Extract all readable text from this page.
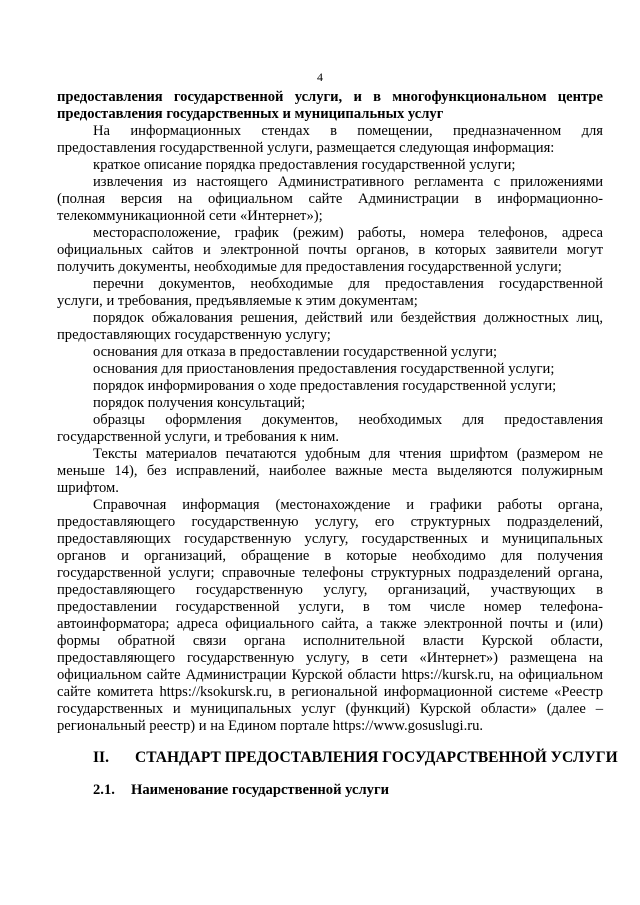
4
предоставления государственной услуги, и в многофункциональном центре
предоставления государственных и муниципальных услуг
На информационных стендах в помещении, предназначенном для
предоставления государственной услуги, размещается следующая информация:
краткое описание порядка предоставления государственной услуги;
извлечения из настоящего Административного регламента с приложениями
(полная версия на официальном сайте Администрации в информационно-
телекоммуникационной сети «Интернет»);
месторасположение, график (режим) работы, номера телефонов, адреса
официальных сайтов и электронной почты органов, в которых заявители могут
получить документы, необходимые для предоставления государственной услуги;
перечни документов, необходимые для предоставления государственной
услуги, и требования, предъявляемые к этим документам;
порядок обжалования решения, действий или бездействия должностных лиц,
предоставляющих государственную услугу;
основания для отказа в предоставлении государственной услуги;
основания для приостановления предоставления государственной услуги;
порядок информирования о ходе предоставления государственной услуги;
порядок получения консультаций;
образцы оформления документов, необходимых для предоставления
государственной услуги, и требования к ним.
Тексты материалов печатаются удобным для чтения шрифтом (размером не
меньше 14), без исправлений, наиболее важные места выделяются полужирным
шрифтом.
Справочная информация (местонахождение и графики работы органа,
предоставляющего государственную услугу, его структурных подразделений,
предоставляющих государственную услугу, государственных и муниципальных
органов и организаций, обращение в которые необходимо для получения
государственной услуги; справочные телефоны структурных подразделений органа,
предоставляющего государственную услугу, организаций, участвующих в
предоставлении государственной услуги, в том числе номер телефона-
автоинформатора; адреса официального сайта, а также электронной почты и (или)
формы обратной связи органа исполнительной власти Курской области,
предоставляющего государственную услугу, в сети «Интернет») размещена на
официальном сайте Администрации Курской области https://kursk.ru, на официальном
сайте комитета https://ksokursk.ru, в региональной информационной системе «Реестр
государственных и муниципальных услуг (функций) Курской области» (далее –
региональный реестр) и на Едином портале https://www.gosuslugi.ru.
II. СТАНДАРТ ПРЕДОСТАВЛЕНИЯ ГОСУДАРСТВЕННОЙ УСЛУГИ
2.1. Наименование государственной услуги
